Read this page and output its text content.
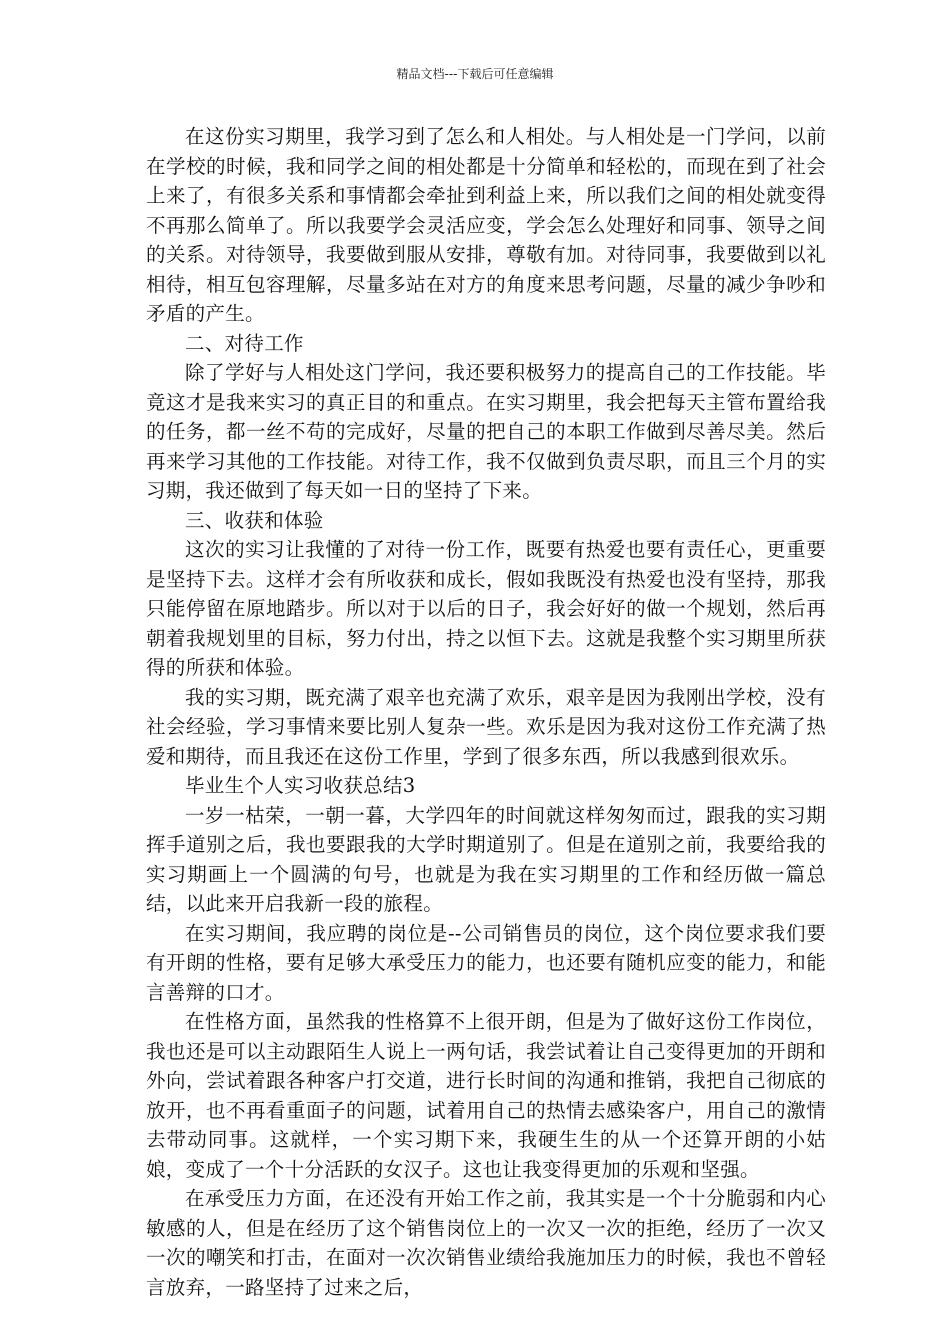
精品文档---下载后可任意编辑

在这份实习期里，我学习到了怎么和人相处。与人相处是一门学问，以前在学校的时候，我和同学之间的相处都是十分简单和轻松的，而现在到了社会上来了，有很多关系和事情都会牵扯到利益上来，所以我们之间的相处就变得不再那么简单了。所以我要学会灵活应变，学会怎么处理好和同事、领导之间的关系。对待领导，我要做到服从安排，尊敬有加。对待同事，我要做到以礼相待，相互包容理解，尽量多站在对方的角度来思考问题，尽量的减少争吵和矛盾的产生。

二、对待工作

除了学好与人相处这门学问，我还要积极努力的提高自己的工作技能。毕竟这才是我来实习的真正目的和重点。在实习期里，我会把每天主管布置给我的任务，都一丝不苟的完成好，尽量的把自己的本职工作做到尽善尽美。然后再来学习其他的工作技能。对待工作，我不仅做到负责尽职，而且三个月的实习期，我还做到了每天如一日的坚持了下来。

三、收获和体验

这次的实习让我懂的了对待一份工作，既要有热爱也要有责任心，更重要是坚持下去。这样才会有所收获和成长，假如我既没有热爱也没有坚持，那我只能停留在原地踏步。所以对于以后的日子，我会好好的做一个规划，然后再朝着我规划里的目标，努力付出，持之以恒下去。这就是我整个实习期里所获得的所获和体验。

我的实习期，既充满了艰辛也充满了欢乐，艰辛是因为我刚出学校，没有社会经验，学习事情来要比别人复杂一些。欢乐是因为我对这份工作充满了热爱和期待，而且我还在这份工作里，学到了很多东西，所以我感到很欢乐。

毕业生个人实习收获总结3

一岁一枯荣，一朝一暮，大学四年的时间就这样匆匆而过，跟我的实习期挥手道别之后，我也要跟我的大学时期道别了。但是在道别之前，我要给我的实习期画上一个圆满的句号，也就是为我在实习期里的工作和经历做一篇总结，以此来开启我新一段的旅程。

在实习期间，我应聘的岗位是--公司销售员的岗位，这个岗位要求我们要有开朗的性格，要有足够大承受压力的能力，也还要有随机应变的能力，和能言善辩的口才。

在性格方面，虽然我的性格算不上很开朗，但是为了做好这份工作岗位，我也还是可以主动跟陌生人说上一两句话，我尝试着让自己变得更加的开朗和外向，尝试着跟各种客户打交道，进行长时间的沟通和推销，我把自己彻底的放开，也不再看重面子的问题，试着用自己的热情去感染客户，用自己的激情去带动同事。这就样，一个实习期下来，我硬生生的从一个还算开朗的小姑娘，变成了一个十分活跃的女汉子。这也让我变得更加的乐观和坚强。

在承受压力方面，在还没有开始工作之前，我其实是一个十分脆弱和内心敏感的人，但是在经历了这个销售岗位上的一次又一次的拒绝，经历了一次又一次的嘲笑和打击，在面对一次次销售业绩给我施加压力的时候，我也不曾轻言放弃，一路坚持了过来之后，
